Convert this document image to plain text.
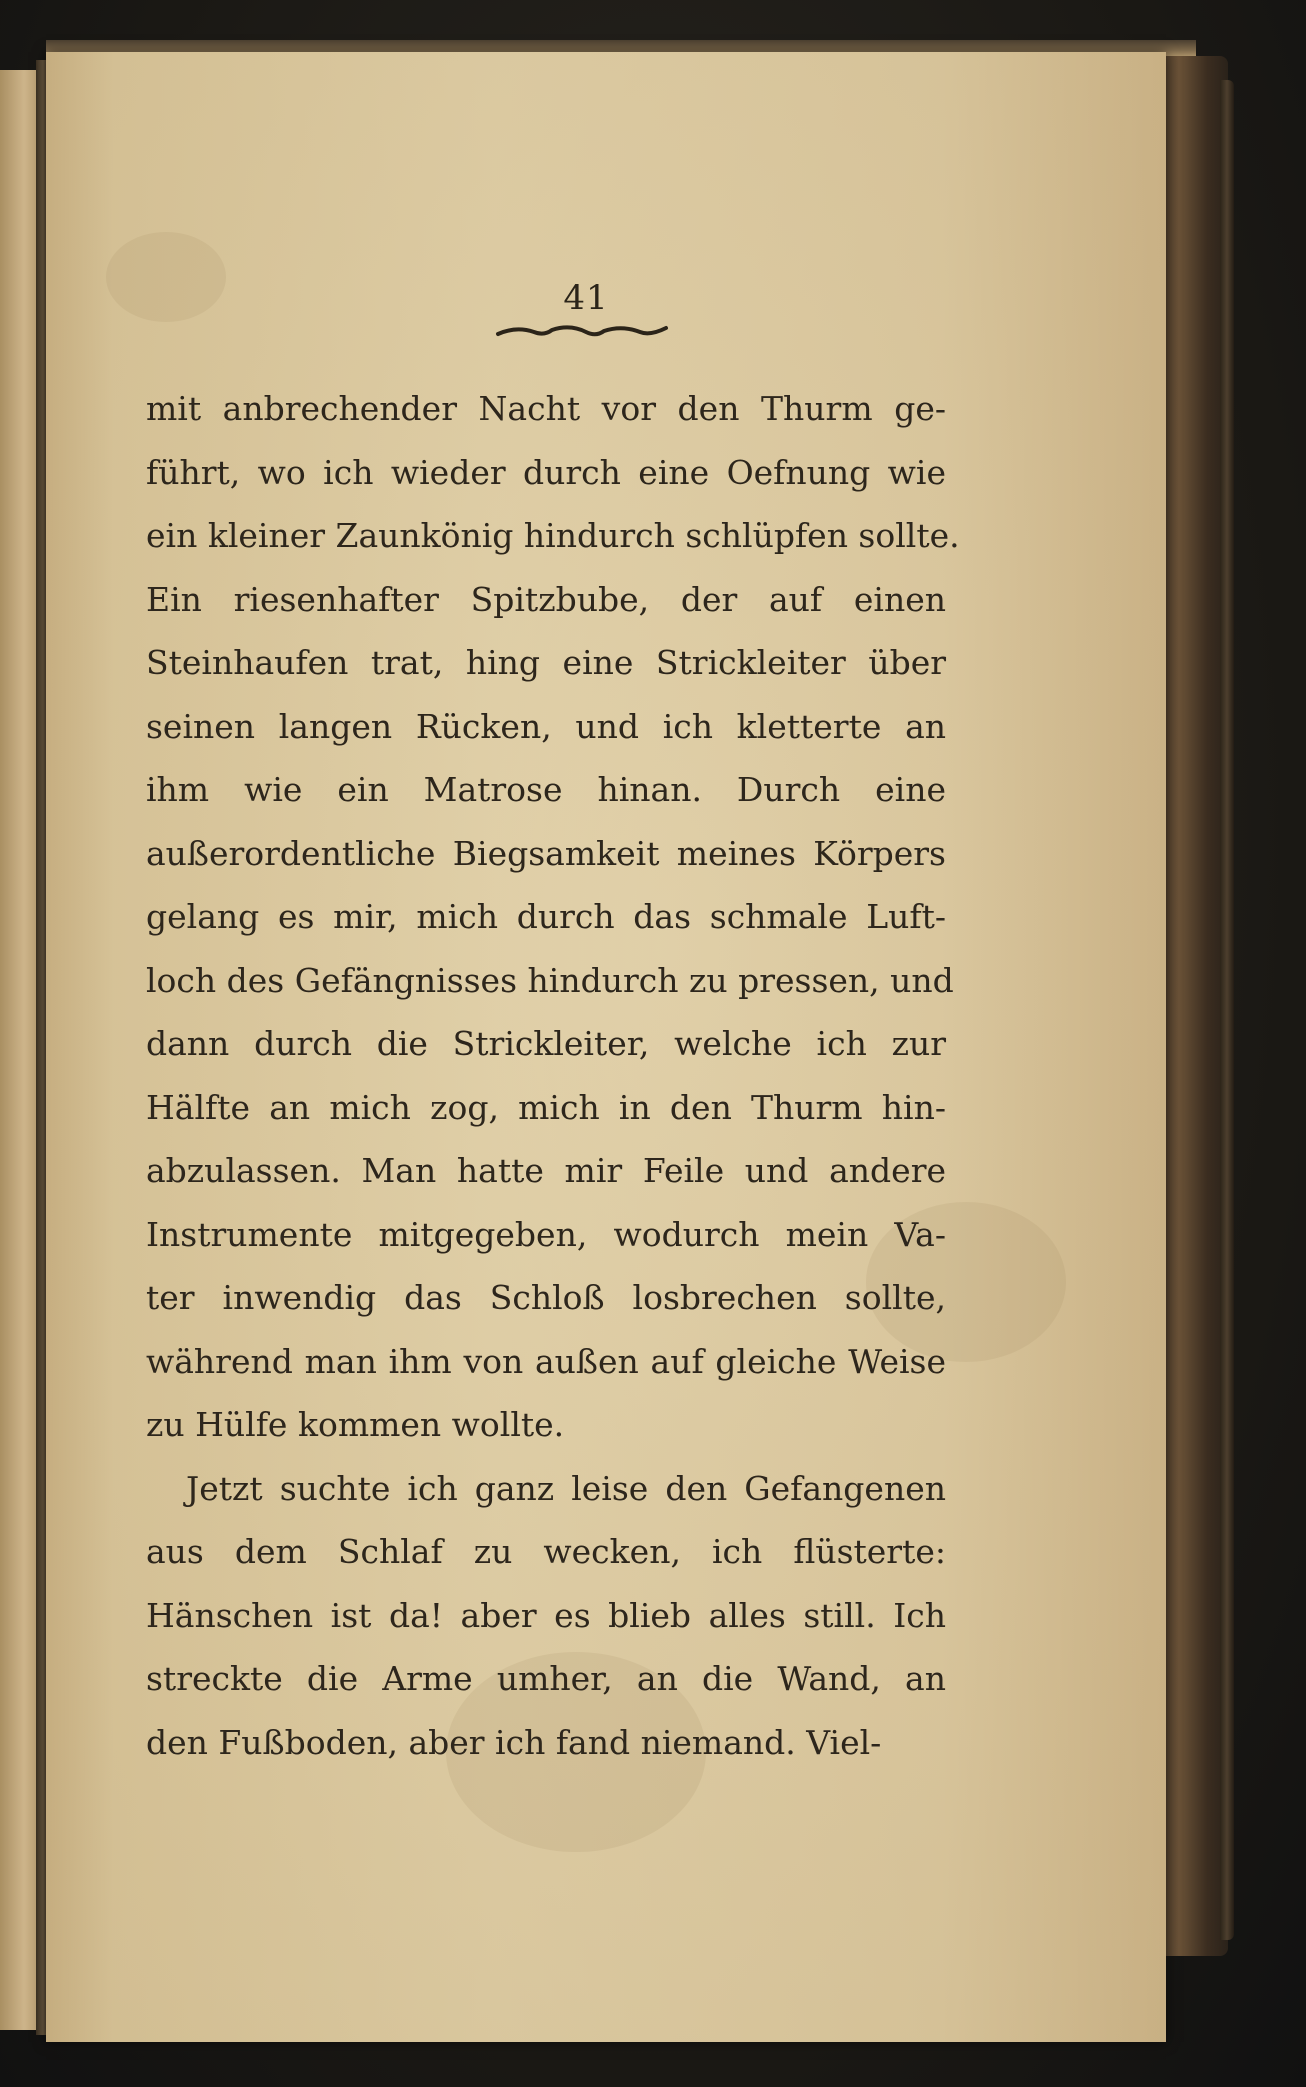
41
mit anbrechender Nacht vor den Thurm ge-
führt, wo ich wieder durch eine Oefnung wie
ein kleiner Zaunkönig hindurch schlüpfen sollte.
Ein riesenhafter Spitzbube, der auf einen
Steinhaufen trat, hing eine Strickleiter über
seinen langen Rücken, und ich kletterte an
ihm wie ein Matrose hinan. Durch eine
außerordentliche Biegsamkeit meines Körpers
gelang es mir, mich durch das schmale Luft-
loch des Gefängnisses hindurch zu pressen, und
dann durch die Strickleiter, welche ich zur
Hälfte an mich zog, mich in den Thurm hin-
abzulassen. Man hatte mir Feile und andere
Instrumente mitgegeben, wodurch mein Va-
ter inwendig das Schloß losbrechen sollte,
während man ihm von außen auf gleiche Weise
zu Hülfe kommen wollte.
Jetzt suchte ich ganz leise den Gefangenen
aus dem Schlaf zu wecken, ich flüsterte:
Hänschen ist da! aber es blieb alles still. Ich
streckte die Arme umher, an die Wand, an
den Fußboden, aber ich fand niemand. Viel-
